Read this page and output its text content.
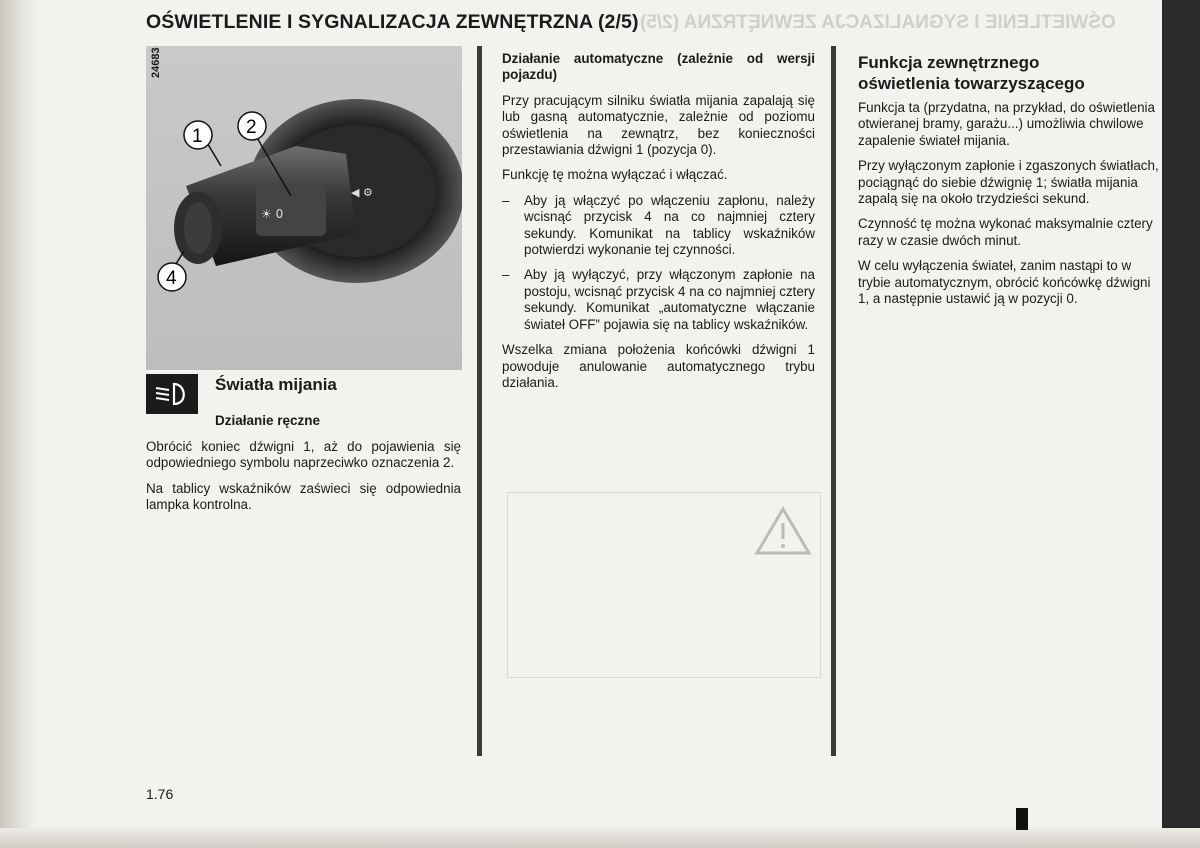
OŚWIETLENIE I SYGNALIZACJA ZEWNĘTRZNA (2/5)
OŚWIETLENIE I SYGNALIZACJA ZEWNĘTRZNA (2/5)
☀ 0
◀ ⚙
1 2
4
24683
Światła mijania
Działanie ręczne

Obrócić koniec dźwigni 1, aż do pojawienia się odpowiedniego symbolu naprzeciwko oznaczenia 2.

Na tablicy wskaźników zaświeci się odpowiednia lampka kontrolna.

Działanie automatyczne (zależnie od wersji pojazdu)

Przy pracującym silniku światła mijania zapalają się lub gasną automatycznie, zależnie od poziomu oświetlenia na zewnątrz, bez konieczności przestawiania dźwigni 1 (pozycja 0).

Funkcję tę można wyłączać i włączać.

– Aby ją włączyć po włączeniu zapłonu, należy wcisnąć przycisk 4 na co najmniej cztery sekundy. Komunikat na tablicy wskaźników potwierdzi wykonanie tej czynności.

– Aby ją wyłączyć, przy włączonym zapłonie na postoju, wcisnąć przycisk 4 na co najmniej cztery sekundy. Komunikat „automatyczne włączanie świateł OFF” pojawia się na tablicy wskaźników.

Wszelka zmiana położenia końcówki dźwigni 1 powoduje anulowanie automatycznego trybu działania.

Funkcja zewnętrznego
oświetlenia towarzyszącego

Funkcja ta (przydatna, na przykład, do oświetlenia otwieranej bramy, garażu...) umożliwia chwilowe zapalenie świateł mijania.

Przy wyłączonym zapłonie i zgaszonych światłach, pociągnąć do siebie dźwignię 1; światła mijania zapalą się na około trzydzieści sekund.

Czynność tę można wykonać maksymalnie cztery razy w czasie dwóch minut.

W celu wyłączenia świateł, zanim nastąpi to w trybie automatycznym, obrócić końcówkę dźwigni 1, a następnie ustawić ją w pozycji 0.

1.76
